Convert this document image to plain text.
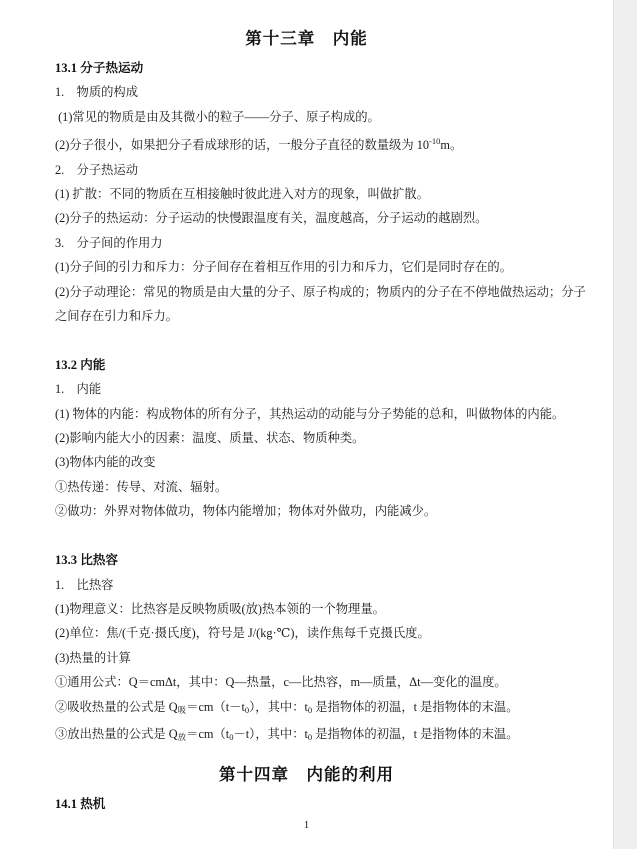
第十三章　内能
13.1 分子热运动
1.　物质的构成
(1)常见的物质是由及其微小的粒子——分子、原子构成的。
(2)分子很小，如果把分子看成球形的话，一般分子直径的数量级为 $10^{-10}m$。
2.　分子热运动
(1) 扩散：不同的物质在互相接触时彼此进入对方的现象，叫做扩散。
(2)分子的热运动：分子运动的快慢跟温度有关，温度越高，分子运动的越剧烈。
3.　分子间的作用力
(1)分子间的引力和斥力：分子间存在着相互作用的引力和斥力，它们是同时存在的。
(2)分子动理论：常见的物质是由大量的分子、原子构成的；物质内的分子在不停地做热运动；分子
之间存在引力和斥力。
13.2 内能
1.　内能
(1) 物体的内能：构成物体的所有分子，其热运动的动能与分子势能的总和，叫做物体的内能。
(2)影响内能大小的因素：温度、质量、状态、物质种类。
(3)物体内能的改变
①热传递：传导、对流、辐射。
②做功：外界对物体做功，物体内能增加；物体对外做功，内能减少。
13.3 比热容
1.　比热容
(1)物理意义：比热容是反映物质吸(放)热本领的一个物理量。
(2)单位：焦/(千克·摄氏度)，符号是 J/(kg·℃)，读作焦每千克摄氏度。
(3)热量的计算
①通用公式：Q＝cmΔt，其中：Q—热量，c—比热容，m—质量，Δt—变化的温度。
②吸收热量的公式是 $Q_吸=cm(t-t_0)$，其中：$t_0$ 是指物体的初温，t 是指物体的末温。
③放出热量的公式是 $Q_放=cm(t_0-t)$，其中：$t_0$ 是指物体的初温，t 是指物体的末温。
第十四章　内能的利用
14.1 热机
1
